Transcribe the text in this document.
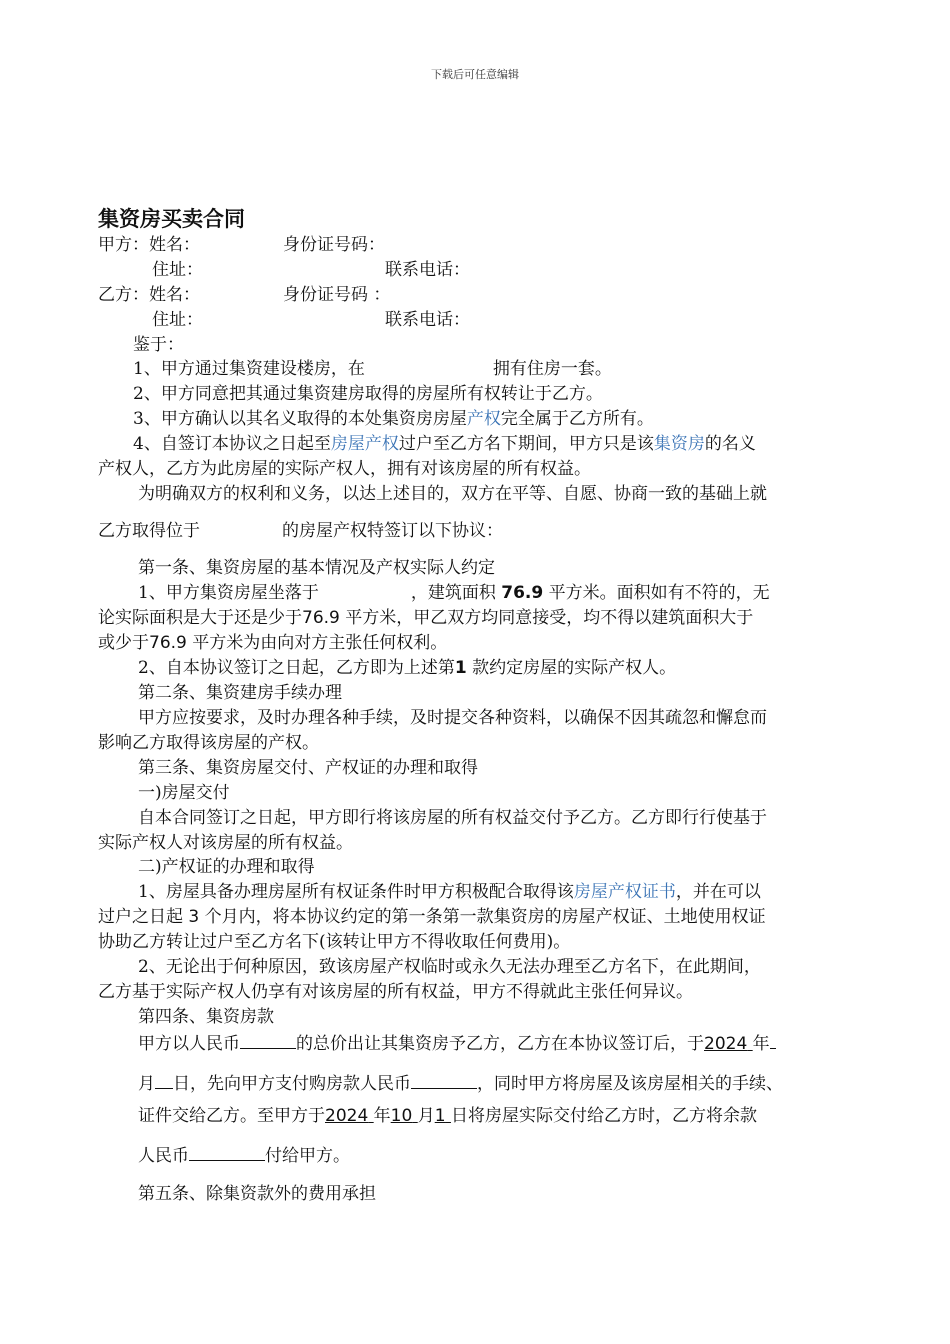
下载后可任意编辑
集资房买卖合同
甲方：姓名：	身份证号码：
住址：	联系电话：
乙方：姓名：	身份证号码 ：
住址：	联系电话：
鉴于：
1、甲方通过集资建设楼房，在	拥有住房一套。
2、甲方同意把其通过集资建房取得的房屋所有权转让于乙方。
3、甲方确认以其名义取得的本处集资房房屋产权完全属于乙方所有。
4、自签订本协议之日起至房屋产权过户至乙方名下期间，甲方只是该集资房的名义
产权人，乙方为此房屋的实际产权人，拥有对该房屋的所有权益。
为明确双方的权利和义务，以达上述目的，双方在平等、自愿、协商一致的基础上就
乙方取得位于	的房屋产权特签订以下协议：
第一条、集资房屋的基本情况及产权实际人约定
1、甲方集资房屋坐落于	，建筑面积 76.9 平方米。面积如有不符的，无
论实际面积是大于还是少于76.9 平方米，甲乙双方均同意接受，均不得以建筑面积大于
或少于76.9 平方米为由向对方主张任何权利。
2、自本协议签订之日起，乙方即为上述第1 款约定房屋的实际产权人。
第二条、集资建房手续办理
甲方应按要求，及时办理各种手续，及时提交各种资料，以确保不因其疏忽和懈怠而
影响乙方取得该房屋的产权。
第三条、集资房屋交付、产权证的办理和取得
一)房屋交付
自本合同签订之日起，甲方即行将该房屋的所有权益交付予乙方。乙方即行行使基于
实际产权人对该房屋的所有权益。
二)产权证的办理和取得
1、房屋具备办理房屋所有权证条件时甲方积极配合取得该房屋产权证书，并在可以
过户之日起 3 个月内，将本协议约定的第一条第一款集资房的房屋产权证、土地使用权证
协助乙方转让过户至乙方名下(该转让甲方不得收取任何费用)。
2、无论出于何种原因，致该房屋产权临时或永久无法办理至乙方名下，在此期间，
乙方基于实际产权人仍享有对该房屋的所有权益，甲方不得就此主张任何异议。
第四条、集资房款
甲方以人民币	的总价出让其集资房予乙方，乙方在本协议签订后，于2024 年
月 日，先向甲方支付购房款人民币	，同时甲方将房屋及该房屋相关的手续、
证件交给乙方。至甲方于2024 年10 月1 日将房屋实际交付给乙方时，乙方将余款
人民币	付给甲方。
第五条、除集资款外的费用承担
